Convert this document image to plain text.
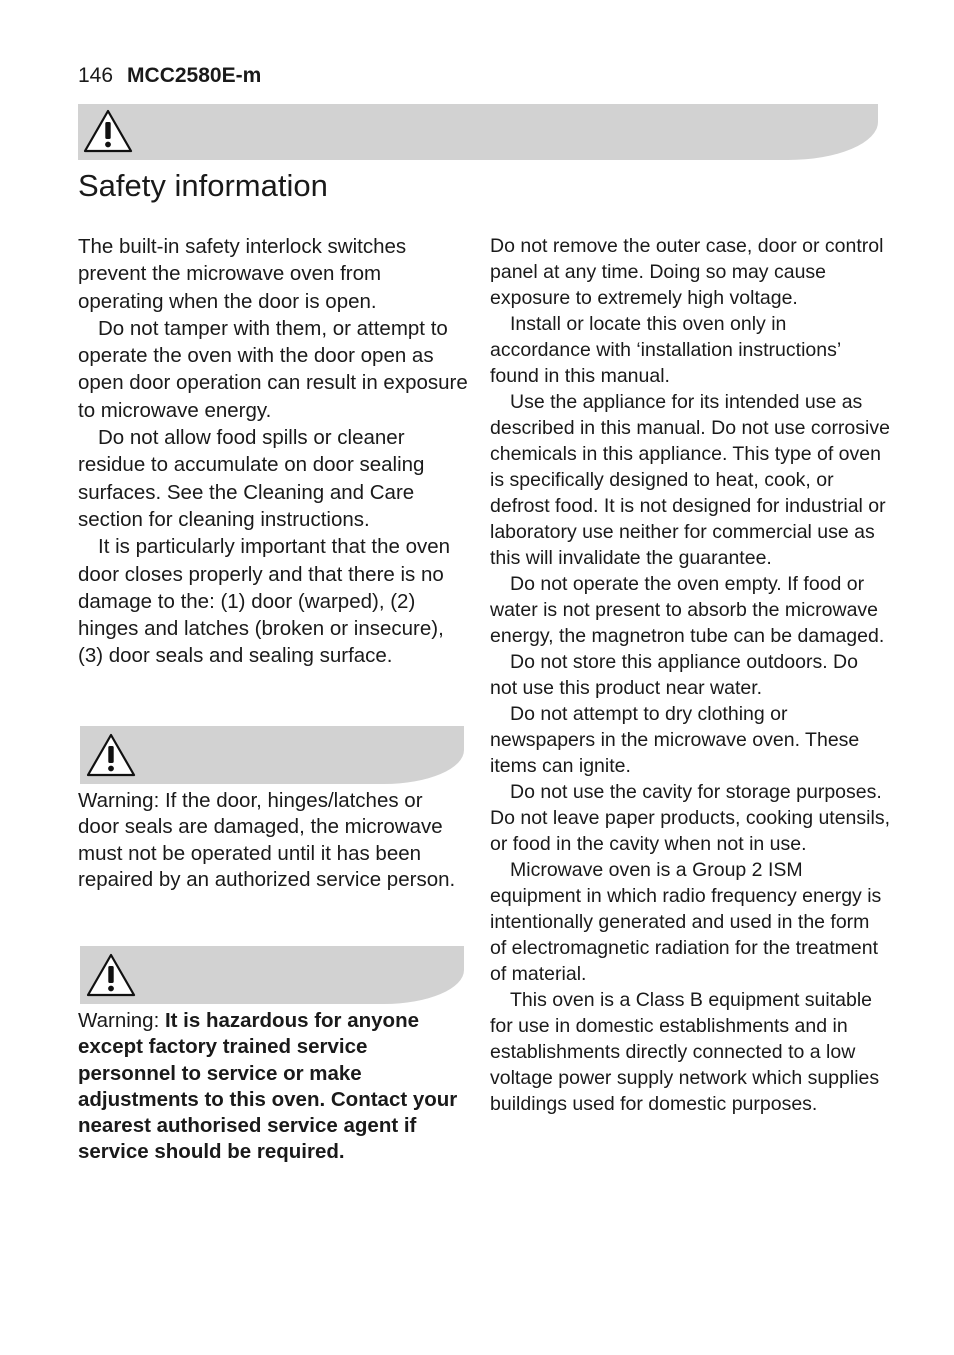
146 MCC2580E-m
Safety information

The built-in safety interlock switches prevent the microwave oven from operating when the door is open.

Do not tamper with them, or attempt to operate the oven with the door open as open door operation can result in exposure to microwave energy.

Do not allow food spills or cleaner residue to accumulate on door sealing surfaces. See the Cleaning and Care section for cleaning instructions.

It is particularly important that the oven door closes properly and that there is no damage to the: (1) door (warped), (2) hinges and latches (broken or insecure), (3) door seals and sealing surface.

Warning: If the door, hinges/latches or door seals are damaged, the microwave must not be operated until it has been repaired by an authorized service person.
Warning: It is hazardous for anyone except factory trained service personnel to service or make adjustments to this oven. Contact your nearest authorised service agent if service should be required.

Do not remove the outer case, door or control panel at any time. Doing so may cause exposure to extremely high voltage.

Install or locate this oven only in accordance with ‘installation instructions’ found in this manual.

Use the appliance for its intended use as described in this manual. Do not use corrosive chemicals in this appliance. This type of oven is specifically designed to heat, cook, or defrost food. It is not designed for industrial or laboratory use neither for commercial use as this will invalidate the guarantee.

Do not operate the oven empty. If food or water is not present to absorb the microwave energy, the magnetron tube can be damaged.

Do not store this appliance outdoors. Do not use this product near water.

Do not attempt to dry clothing or newspapers in the microwave oven. These items can ignite.

Do not use the cavity for storage purposes. Do not leave paper products, cooking utensils, or food in the cavity when not in use.

Microwave oven is a Group 2 ISM equipment in which radio frequency energy is intentionally generated and used in the form of electromagnetic radiation for the treatment of material.

This oven is a Class B equipment suitable for use in domestic establishments and in establishments directly connected to a low voltage power supply network which supplies buildings used for domestic purposes.
